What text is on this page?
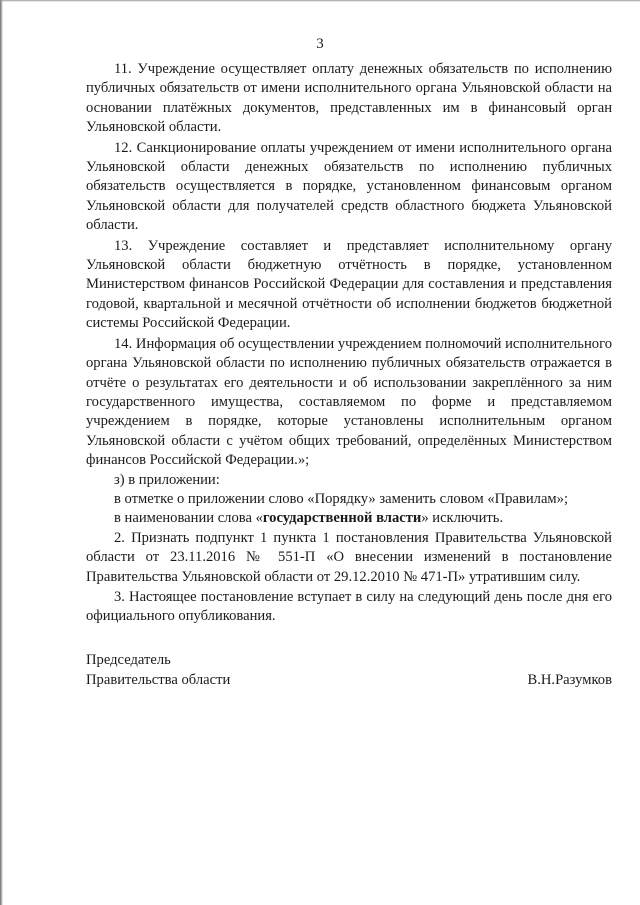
3

11. Учреждение осуществляет оплату денежных обязательств по исполнению публичных обязательств от имени исполнительного органа Ульяновской области на основании платёжных документов, представленных им в финансовый орган Ульяновской области.

12. Санкционирование оплаты учреждением от имени исполнительного органа Ульяновской области денежных обязательств по исполнению публичных обязательств осуществляется в порядке, установленном финансовым органом Ульяновской области для получателей средств областного бюджета Ульяновской области.

13. Учреждение составляет и представляет исполнительному органу Ульяновской области бюджетную отчётность в порядке, установленном Министерством финансов Российской Федерации для составления и представления годовой, квартальной и месячной отчётности об исполнении бюджетов бюджетной системы Российской Федерации.

14. Информация об осуществлении учреждением полномочий исполнительного органа Ульяновской области по исполнению публичных обязательств отражается в отчёте о результатах его деятельности и об использовании закреплённого за ним государственного имущества, составляемом по форме и представляемом учреждением в порядке, которые установлены исполнительным органом Ульяновской области с учётом общих требований, определённых Министерством финансов Российской Федерации.»;

з) в приложении:

в отметке о приложении слово «Порядку» заменить словом «Правилам»;

в наименовании слова «государственной власти» исключить.

2. Признать подпункт 1 пункта 1 постановления Правительства Ульяновской области от 23.11.2016 № 551-П «О внесении изменений в постановление Правительства Ульяновской области от 29.12.2010 № 471-П» утратившим силу.

3. Настоящее постановление вступает в силу на следующий день после дня его официального опубликования.

Председатель
Правительства области	В.Н.Разумков
